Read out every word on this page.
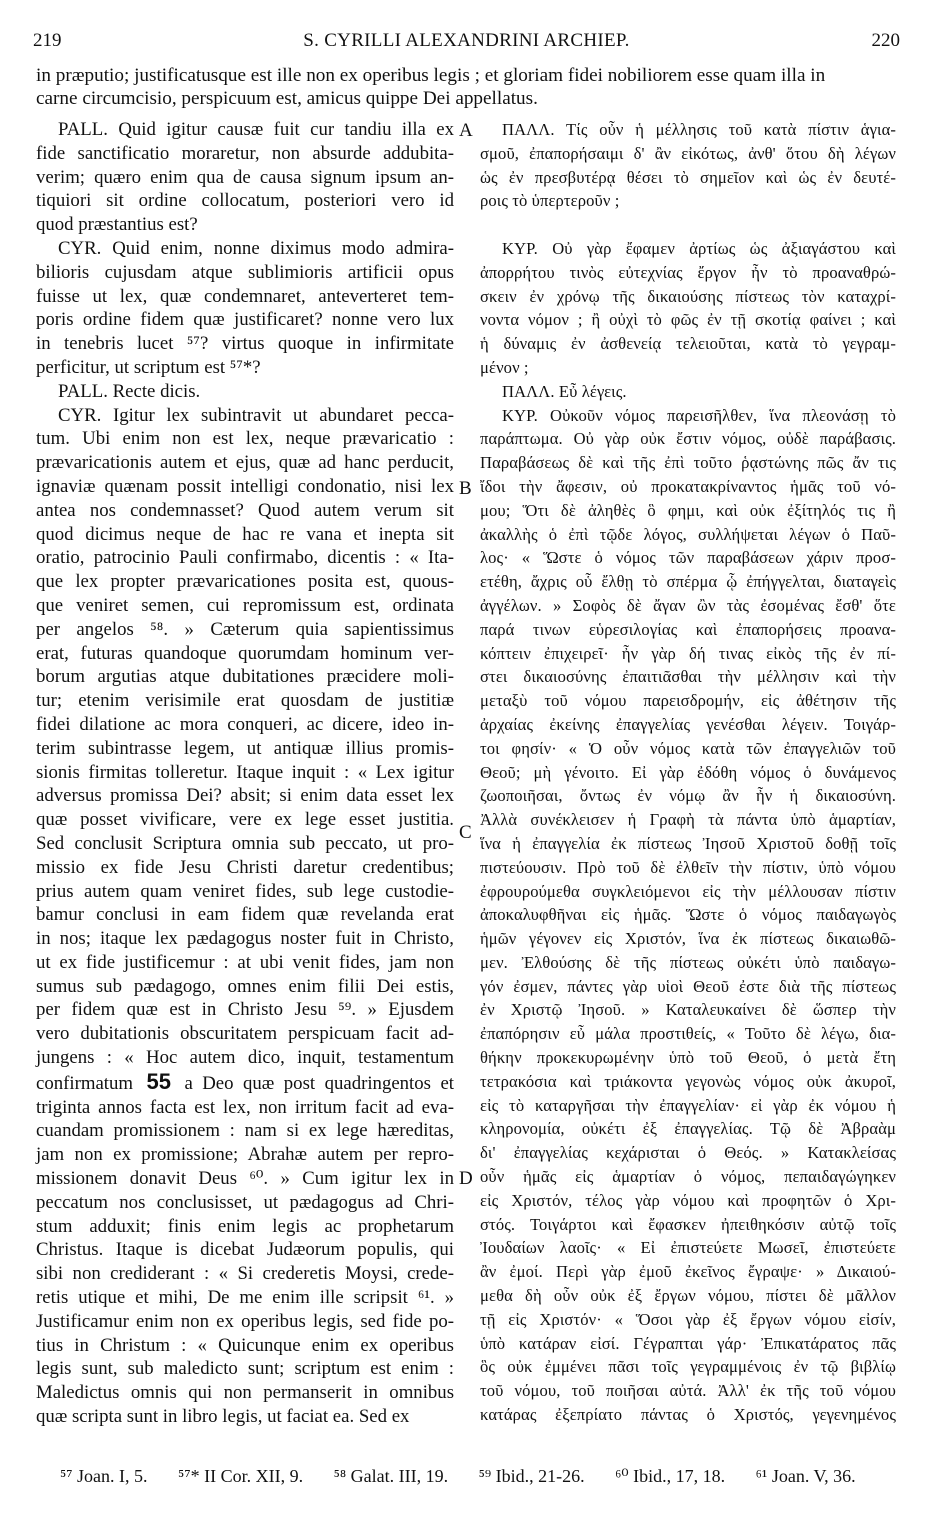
219	S. CYRILLI ALEXANDRINI ARCHIEP.	220
in præputio; justificatusque est ille non ex operibus legis ; et gloriam fidei nobiliorem esse quam illa in
carne circumcisio, perspicuum est, amicus quippe Dei appellatus.
PALL. Quid igitur causæ fuit cur tandiu illa ex
fide sanctificatio moraretur, non absurde addubita-
verim; quæro enim qua de causa signum ipsum an-
tiquiori sit ordine collocatum, posteriori vero id
quod præstantius est?
CYR. Quid enim, nonne diximus modo admira-
bilioris cujusdam atque sublimioris artificii opus
fuisse ut lex, quæ condemnaret, anteverteret tem-
poris ordine fidem quæ justificaret? nonne vero lux
in tenebris lucet ⁵⁷? virtus quoque in infirmitate
perficitur, ut scriptum est ⁵⁷*?
PALL. Recte dicis.
CYR. Igitur lex subintravit ut abundaret pecca-
tum. Ubi enim non est lex, neque prævaricatio :
prævaricationis autem et ejus, quæ ad hanc perducit,
ignaviæ quænam possit intelligi condonatio, nisi lex
antea nos condemnasset? Quod autem verum sit
quod dicimus neque de hac re vana et inepta sit
oratio, patrocinio Pauli confirmabo, dicentis : « Ita-
que lex propter prævaricationes posita est, quous-
que veniret semen, cui repromissum est, ordinata
per angelos ⁵⁸. » Cæterum quia sapientissimus
erat, futuras quandoque quorumdam hominum ver-
borum argutias atque dubitationes præcidere moli-
tur; etenim verisimile erat quosdam de justitiæ
fidei dilatione ac mora conqueri, ac dicere, ideo in-
terim subintrasse legem, ut antiquæ illius promis-
sionis firmitas tolleretur. Itaque inquit : « Lex igitur
adversus promissa Dei? absit; si enim data esset lex
quæ posset vivificare, vere ex lege esset justitia.
Sed conclusit Scriptura omnia sub peccato, ut pro-
missio ex fide Jesu Christi daretur credentibus;
prius autem quam veniret fides, sub lege custodie-
bamur conclusi in eam fidem quæ revelanda erat
in nos; itaque lex pædagogus noster fuit in Christo,
ut ex fide justificemur : at ubi venit fides, jam non
sumus sub pædagogo, omnes enim filii Dei estis,
per fidem quæ est in Christo Jesu ⁵⁹. » Ejusdem
vero dubitationis obscuritatem perspicuam facit ad-
jungens : « Hoc autem dico, inquit, testamentum
confirmatum 55 a Deo quæ post quadringentos et
triginta annos facta est lex, non irritum facit ad eva-
cuandam promissionem : nam si ex lege hæreditas,
jam non ex promissione; Abrahæ autem per repro-
missionem donavit Deus ⁶⁰. » Cum igitur lex in
peccatum nos conclusisset, ut pædagogus ad Chri-
stum adduxit; finis enim legis ac prophetarum
Christus. Itaque is dicebat Judæorum populis, qui
sibi non crediderant : « Si crederetis Moysi, crede-
retis utique et mihi, De me enim ille scripsit ⁶¹. »
Justificamur enim non ex operibus legis, sed fide po-
tius in Christum : « Quicunque enim ex operibus
legis sunt, sub maledicto sunt; scriptum est enim :
Maledictus omnis qui non permanserit in omnibus
quæ scripta sunt in libro legis, ut faciat ea. Sed ex
ΠΑΛΛ. Τίς οὖν ἡ μέλλησις τοῦ κατὰ πίστιν ἁγια-
σμοῦ, ἐπαπορήσαιμι δ' ἂν εἰκότως, ἀνθ' ὅτου δὴ λέγων
ὡς ἐν πρεσβυτέρᾳ θέσει τὸ σημεῖον καὶ ὡς ἐν δευτέ-
ροις τὸ ὑπερτεροῦν ;

ΚΥΡ. Οὐ γὰρ ἔφαμεν ἀρτίως ὡς ἀξιαγάστου καὶ
ἀπορρήτου τινὸς εὐτεχνίας ἔργον ἦν τὸ προαναθρώ-
σκειν ἐν χρόνῳ τῆς δικαιούσης πίστεως τὸν καταχρί-
νοντα νόμον ; ἢ οὐχὶ τὸ φῶς ἐν τῇ σκοτίᾳ φαίνει ; καὶ
ἡ δύναμις ἐν ἀσθενείᾳ τελειοῦται, κατὰ τὸ γεγραμ-
μένον ;
ΠΑΛΛ. Εὖ λέγεις.
ΚΥΡ. Οὐκοῦν νόμος παρεισῆλθεν, ἵνα πλεονάσῃ τὸ
παράπτωμα. Οὐ γὰρ οὐκ ἔστιν νόμος, οὐδὲ παράβασις.
Παραβάσεως δὲ καὶ τῆς ἐπὶ τοῦτο ῥᾳστώνης πῶς ἄν τις
ἴδοι τὴν ἄφεσιν, οὐ προκατακρίναντος ἡμᾶς τοῦ νό-
μου; Ὅτι δὲ ἀληθὲς ὃ φημι, καὶ οὐκ ἐξίτηλός τις ἢ
ἀκαλλὴς ὁ ἐπὶ τῷδε λόγος, συλλήψεται λέγων ὁ Παῦ-
λος· « Ὥστε ὁ νόμος τῶν παραβάσεων χάριν προσ-
ετέθη, ἄχρις οὗ ἔλθῃ τὸ σπέρμα ᾧ ἐπήγγελται, διαταγεὶς
ἀγγέλων. » Σοφὸς δὲ ἄγαν ὢν τὰς ἐσομένας ἔσθ' ὅτε
παρά τινων εὑρεσιλογίας καὶ ἐπαπορήσεις προανα-
κόπτειν ἐπιχειρεῖ· ἦν γὰρ δή τινας εἰκὸς τῆς ἐν πί-
στει δικαιοσύνης ἐπαιτιᾶσθαι τὴν μέλλησιν καὶ τὴν
μεταξὺ τοῦ νόμου παρεισδρομήν, εἰς ἀθέτησιν τῆς
ἀρχαίας ἐκείνης ἐπαγγελίας γενέσθαι λέγειν. Τοιγάρ-
τοι φησίν· « Ὁ οὖν νόμος κατὰ τῶν ἐπαγγελιῶν τοῦ
Θεοῦ; μὴ γένοιτο. Εἰ γὰρ ἐδόθη νόμος ὁ δυνάμενος
ζωοποιῆσαι, ὄντως ἐν νόμῳ ἂν ἦν ἡ δικαιοσύνη.
Ἀλλὰ συνέκλεισεν ἡ Γραφὴ τὰ πάντα ὑπὸ ἁμαρτίαν,
ἵνα ἡ ἐπαγγελία ἐκ πίστεως Ἰησοῦ Χριστοῦ δοθῇ τοῖς
πιστεύουσιν. Πρὸ τοῦ δὲ ἐλθεῖν τὴν πίστιν, ὑπὸ νόμου
ἐφρουρούμεθα συγκλειόμενοι εἰς τὴν μέλλουσαν πίστιν
ἀποκαλυφθῆναι εἰς ἡμᾶς. Ὥστε ὁ νόμος παιδαγωγὸς
ἡμῶν γέγονεν εἰς Χριστόν, ἵνα ἐκ πίστεως δικαιωθῶ-
μεν. Ἐλθούσης δὲ τῆς πίστεως οὐκέτι ὑπὸ παιδαγω-
γόν ἐσμεν, πάντες γὰρ υἱοὶ Θεοῦ ἐστε διὰ τῆς πίστεως
ἐν Χριστῷ Ἰησοῦ. » Καταλευκαίνει δὲ ὥσπερ τὴν
ἐπαπόρησιν εὖ μάλα προστιθείς, « Τοῦτο δὲ λέγω, δια-
θήκην προκεκυρωμένην ὑπὸ τοῦ Θεοῦ, ὁ μετὰ ἔτη
τετρακόσια καὶ τριάκοντα γεγονὼς νόμος οὐκ ἀκυροῖ,
εἰς τὸ καταργῆσαι τὴν ἐπαγγελίαν· εἰ γὰρ ἐκ νόμου ἡ
κληρονομία, οὐκέτι ἐξ ἐπαγγελίας. Τῷ δὲ Ἀβραὰμ
δι' ἐπαγγελίας κεχάρισται ὁ Θεός. » Κατακλείσας
οὖν ἡμᾶς εἰς ἁμαρτίαν ὁ νόμος, πεπαιδαγώγηκεν
εἰς Χριστόν, τέλος γὰρ νόμου καὶ προφητῶν ὁ Χρι-
στός. Τοιγάρτοι καὶ ἔφασκεν ἠπειθηκόσιν αὐτῷ τοῖς
Ἰουδαίων λαοῖς· « Εἰ ἐπιστεύετε Μωσεῖ, ἐπιστεύετε
ἂν ἐμοί. Περὶ γὰρ ἐμοῦ ἐκεῖνος ἔγραψε· » Δικαιού-
μεθα δὴ οὖν οὐκ ἐξ ἔργων νόμου, πίστει δὲ μᾶλλον
τῇ εἰς Χριστόν· « Ὅσοι γὰρ ἐξ ἔργων νόμου εἰσίν,
ὑπὸ κατάραν εἰσί. Γέγραπται γάρ· Ἐπικατάρατος πᾶς
ὃς οὐκ ἐμμένει πᾶσι τοῖς γεγραμμένοις ἐν τῷ βιβλίῳ
τοῦ νόμου, τοῦ ποιῆσαι αὐτά. Ἀλλ' ἐκ τῆς τοῦ νόμου
κατάρας ἐξεπρίατο πάντας ὁ Χριστός, γεγενημένος
A
B
C
D
⁵⁷ Joan. I, 5. ⁵⁷* II Cor. XII, 9. ⁵⁸ Galat. III, 19. ⁵⁹ Ibid., 21-26. ⁶⁰ Ibid., 17, 18. ⁶¹ Joan. V, 36.
